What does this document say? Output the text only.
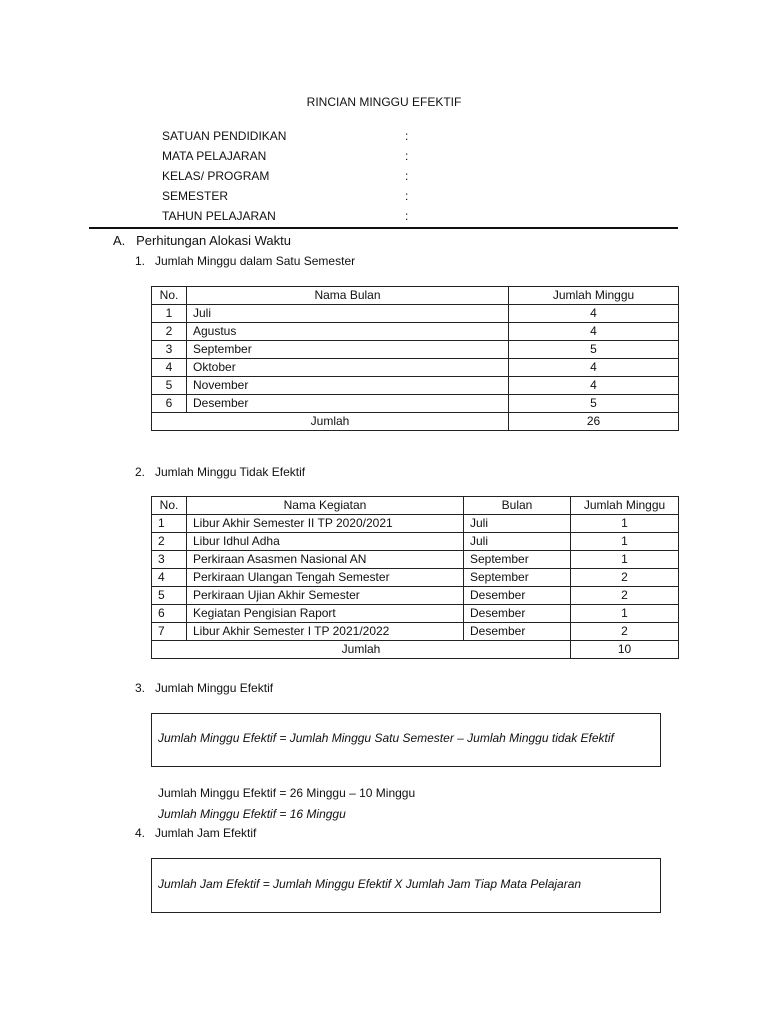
RINCIAN MINGGU EFEKTIF
SATUAN PENDIDIKAN	:
MATA PELAJARAN	:
KELAS/ PROGRAM	:
SEMESTER	:
TAHUN PELAJARAN	:
A.   Perhitungan Alokasi Waktu
1.   Jumlah Minggu dalam Satu Semester
No.	Nama Bulan	Jumlah Minggu
1	Juli	4
2	Agustus	4
3	September	5
4	Oktober	4
5	November	4
6	Desember	5
Jumlah		26
2.   Jumlah Minggu Tidak Efektif
No.	Nama Kegiatan	Bulan	Jumlah Minggu
1	Libur Akhir Semester II TP 2020/2021	Juli	1
2	Libur Idhul Adha	Juli	1
3	Perkiraan Asasmen Nasional AN	September	1
4	Perkiraan Ulangan Tengah Semester	September	2
5	Perkiraan Ujian Akhir Semester	Desember	2
6	Kegiatan Pengisian Raport	Desember	1
7	Libur Akhir Semester I TP 2021/2022	Desember	2
Jumlah			10
3.   Jumlah Minggu Efektif
Jumlah Minggu Efektif = Jumlah Minggu Satu Semester – Jumlah Minggu tidak Efektif
Jumlah Minggu Efektif = 26 Minggu – 10 Minggu
Jumlah Minggu Efektif = 16 Minggu
4.   Jumlah Jam Efektif
Jumlah Jam Efektif = Jumlah Minggu Efektif X Jumlah Jam Tiap Mata Pelajaran
